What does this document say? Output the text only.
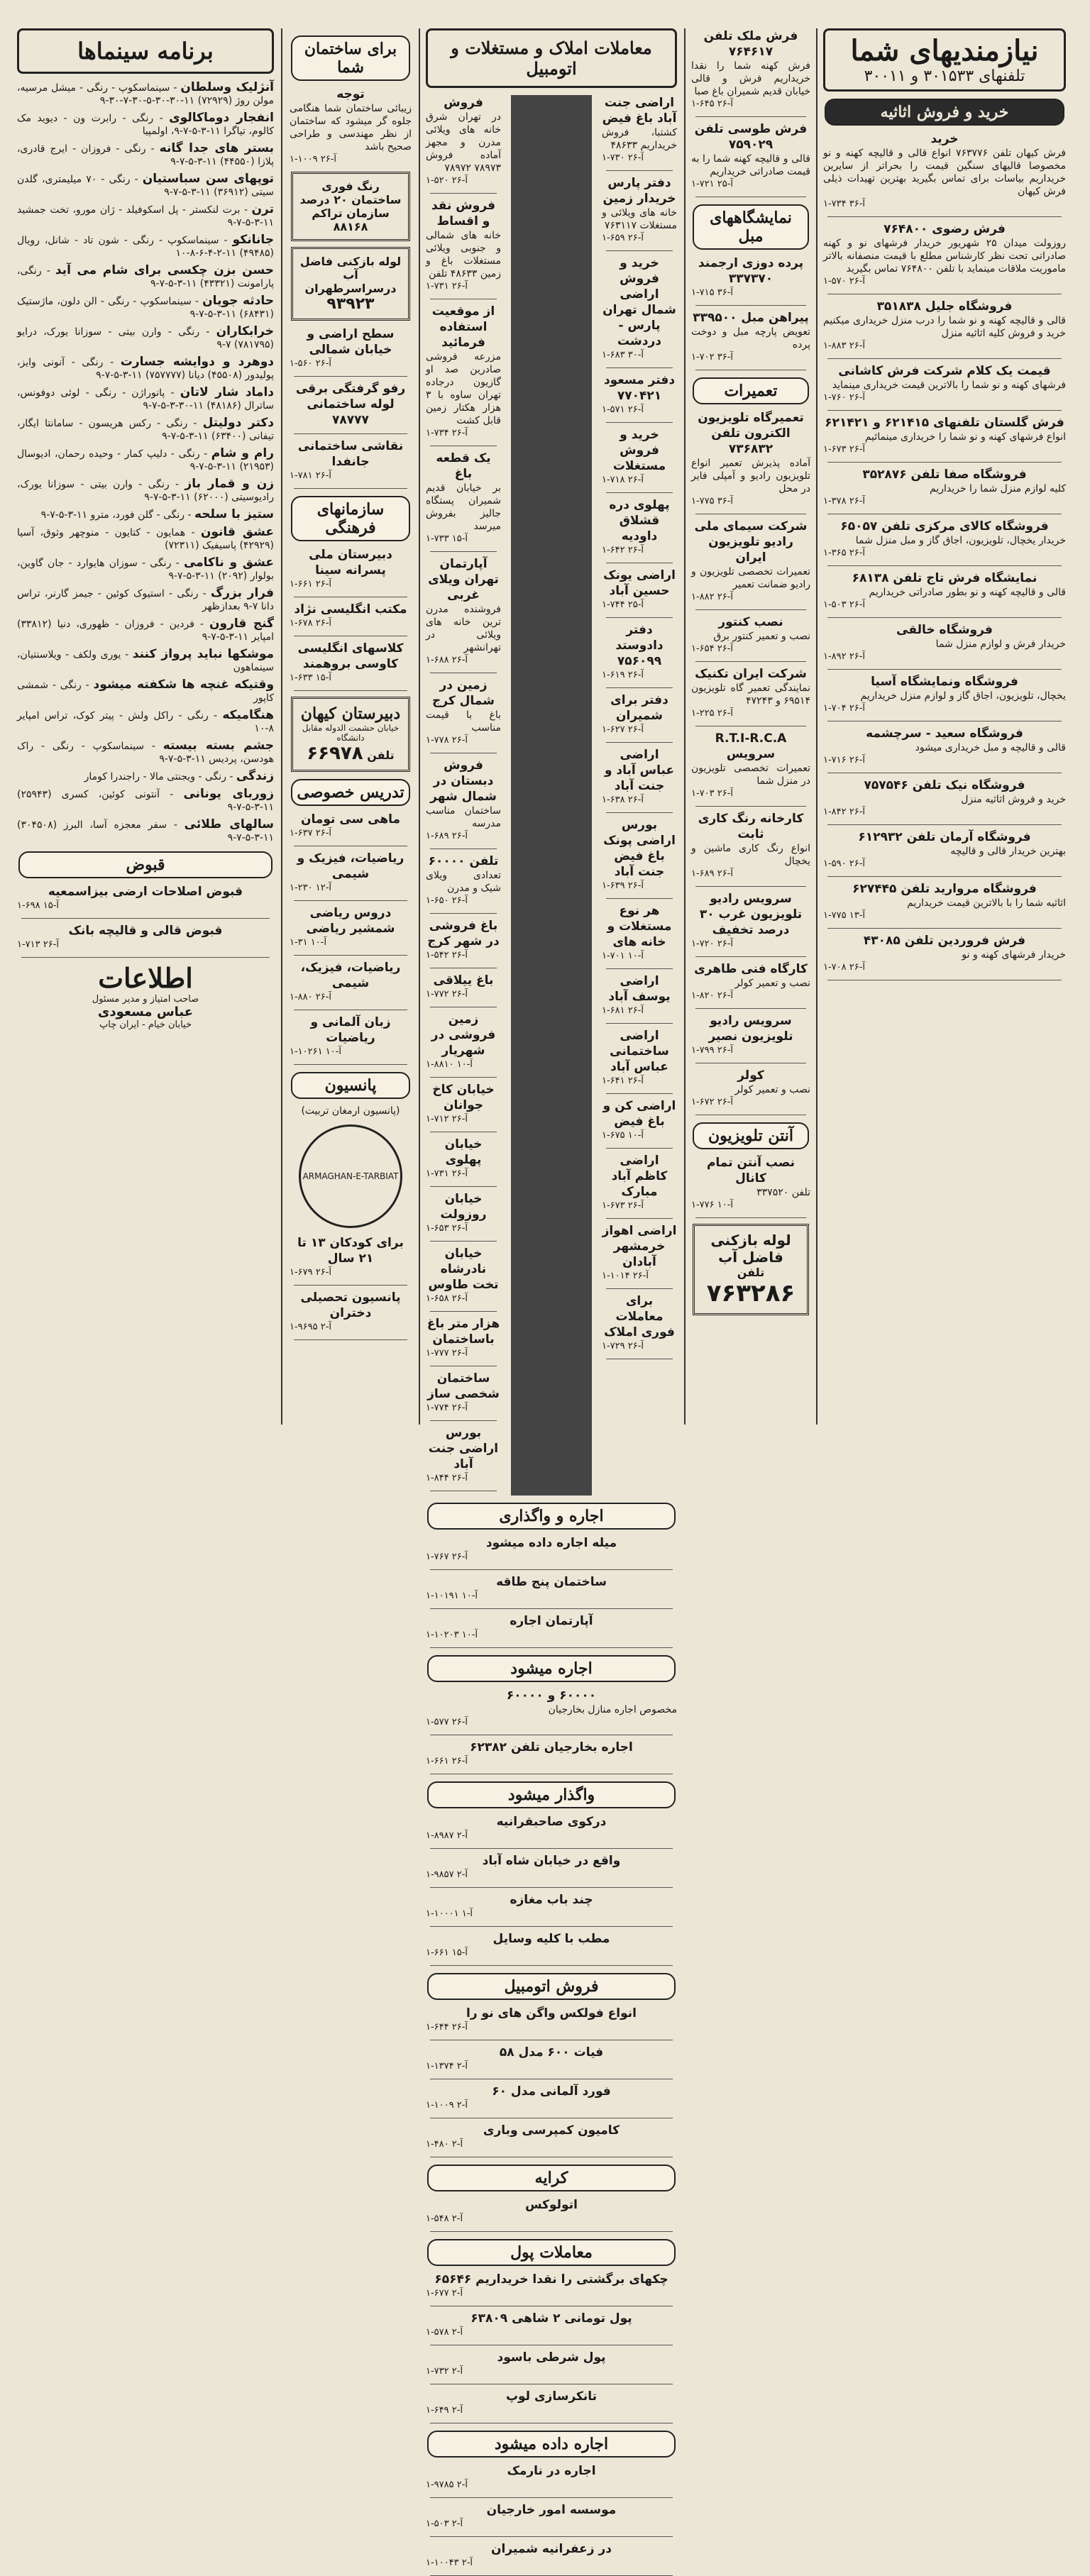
نیازمندیهای شما
تلفنهای ۳۰۱۵۳۳ و ۳۰۰۱۱
خرید و فروش اثاثیه
خرید
فرش کیهان تلفن ۷۶۳۷۷۶ انواع قالی و قالیچه کهنه و نو مخصوصا قالیهای سنگین قیمت را بحراتر از سایرین خریداریم بیاسات برای تماس بگیرید بهترین تهیدات ذیلی فرش کیهان
۱-۷۳۴ آ-۳۶
فرش رضوی ۷۶۴۸۰۰
روزولت میدان ۲۵ شهریور خریدار فرشهای نو و کهنه صادراتی تحت نظر کارشناس مطلع با قیمت منصفانه بالاتر ماموریت ملاقات مینماید با تلفن ۷۶۴۸۰۰ تماس بگیرید
۱-۵۷۰ آ-۲۶
فروشگاه جلیل ۳۵۱۸۳۸
قالی و قالیچه کهنه و نو شما را درب منزل خریداری میکنیم خرید و فروش کلیه اثاثیه منزل
۱-۸۸۳ آ-۲۶
قیمت یک کلام شرکت فرش کاشانی
فرشهای کهنه و نو شما را بالاترین قیمت خریداری مینماید
۱-۷۶۰ آ-۲۶
فرش گلستان تلفنهای ۶۲۱۴۱۵ و ۶۲۱۴۲۱
انواع فرشهای کهنه و نو شما را خریداری مینمائیم
۱-۶۷۳ آ-۲۶
فروشگاه صفا تلفن ۳۵۲۸۷۶
کلیه لوازم منزل شما را خریداریم
۱-۳۷۸ آ-۲۶
فروشگاه کالای مرکزی تلفن ۶۵۰۵۷
خریدار یخچال، تلویزیون، اجاق گاز و مبل منزل شما
۱-۳۶۵ آ-۲۶
نمایشگاه فرش تاج تلفن ۶۸۱۳۸
قالی و قالیچه کهنه و نو بطور صادراتی خریداریم
۱-۵۰۳ آ-۲۶
فروشگاه خالقی
خریدار فرش و لوازم منزل شما
۱-۸۹۲ آ-۲۶
فروشگاه ونمایشگاه آسیا
یخچال، تلویزیون، اجاق گاز و لوازم منزل خریداریم
۱-۷۰۴ آ-۲۶
فروشگاه سعید - سرچشمه
قالی و قالیچه و مبل خریداری میشود
۱-۷۱۶ آ-۲۶
فروشگاه نیک تلفن ۷۵۷۵۴۶
خرید و فروش اثاثیه منزل
۱-۸۴۲ آ-۲۶
فروشگاه آرمان تلفن ۶۱۲۹۳۲
بهترین خریدار قالی و قالیچه
۱-۵۹۰ آ-۲۶
فروشگاه مروارید تلفن ۶۲۷۴۴۵
اثاثیه شما را با بالاترین قیمت خریداریم
۱-۷۷۵ آ-۱۳
فرش فروردین تلفن ۴۳۰۸۵
خریدار فرشهای کهنه و نو
۱-۷۰۸ آ-۲۶
فرش ملک تلفن ۷۶۴۶۱۷
فرش کهنه شما را نقدا خریداریم فرش و قالی خیابان قدیم شمیران باغ صبا
۱-۶۴۵ آ-۲۶
فرش طوسی تلفن ۷۵۹۰۲۹
قالی و قالیچه کهنه شما را به قیمت صادراتی خریداریم
۱-۷۲۱ آ-۲۵
نمایشگاههای مبل
پرده دوزی ارجمند ۳۳۷۳۷۰
۱-۷۱۵ آ-۳۶
پیراهن مبل ۳۳۹۵۰۰
تعویض پارچه مبل و دوخت پرده
۱-۷۰۲ آ-۳۶
تعمیرات
تعمیرگاه تلویزیون الکترون تلفن ۷۳۶۸۳۲
آماده پذیرش تعمیر انواع تلویزیون رادیو و آمپلی فایر در محل
۱-۷۷۵ آ-۳۶
شرکت سیمای ملی رادیو تلویزیون ایران
تعمیرات تخصصی تلویزیون و رادیو ضمانت تعمیر
۱-۸۸۲ آ-۲۶
نصب کنتور
نصب و تعمیر کنتور برق
۱-۶۵۴ آ-۲۶
شرکت ایران تکنیک
نمایندگی تعمیر گاه تلویزیون ۶۹۵۱۴ و ۴۷۲۴۳
۱-۲۲۵ آ-۲۶
R.T.I-R.C.A سرویس
تعمیرات تخصصی تلویزیون در منزل شما
۱-۷۰۳ آ-۲۶
کارخانه رنگ کاری ثابت
انواع رنگ کاری ماشین و یخچال
۱-۶۸۹ آ-۲۶
سرویس رادیو تلویزیون غرب ۳۰ درصد تخفیف
۱-۷۲۰ آ-۲۶
کارگاه فنی طاهری
نصب و تعمیر کولر
۱-۸۲۰ آ-۲۶
سرویس رادیو تلویزیون نصیر
۱-۷۹۹ آ-۲۶
کولر
نصب و تعمیر کولر
۱-۶۷۲ آ-۲۶
آنتن تلویزیون
نصب آنتن تمام کانال
تلفن ۳۳۷۵۲۰
۱-۷۷۶ آ-۱۰
لوله بازکنی فاضل آب
تلفن ۷۶۳۲۸۶
معاملات املاک و مستغلات و اتومبیل
اراضی جنت آباد باغ فیض
کشتبا، فروش خریداریم ۴۸۶۳۳
۱-۷۳۰ آ-۲۶
دفتر پارس خریدار زمین
خانه های ویلائی و مستغلات ۷۶۳۱۱۷
۱-۶۵۹ آ-۲۶
خرید و فروش اراضی شمال تهران پارس - دردشت
۱-۶۸۳ آ-۳۰
دفتر مسعود ۷۷۰۴۲۱
۱-۵۷۱ آ-۲۶
خرید و فروش مستغلات
۱-۷۱۸ آ-۲۶
پهلوی دره قشلاق داودیه
۱-۶۴۲ آ-۲۶
اراضی یونک حسین آباد
۱-۷۴۴ آ-۲۵
دفتر دادوستد ۷۵۶۰۹۹
۱-۶۱۹ آ-۲۶
دفتر برای شمیران
۱-۶۲۷ آ-۲۶
اراضی عباس آباد و جنت آباد
۱-۶۳۸ آ-۲۶
بورس اراضی پونک باغ فیض جنت آباد
۱-۶۳۹ آ-۲۶
هر نوع مستغلات و خانه های
۱-۷۰۱ آ-۱۰
اراضی یوسف آباد
۱-۶۸۱ آ-۲۶
اراضی ساختمانی عباس آباد
۱-۶۴۱ آ-۲۶
اراضی کن و باغ فیض
۱-۶۷۵ آ-۱۰
اراضی کاظم آباد مبارک
۱-۶۷۳ آ-۲۶
اراضی اهواز خرمشهر آبادان
۱-۱۰۱۴ آ-۲۶
برای معاملات فوری املاک
۱-۷۲۹ آ-۲۶
فروش
در تهران شرق خانه های ویلائی مدرن و مجهز آماده فروش ۷۸۹۷۳ ۷۸۹۷۲
۱-۵۲۰ آ-۲۶
فروش نقد و اقساط
خانه های شمالی و جنوبی ویلائی مستغلات باغ و زمین ۴۸۶۳۳ تلفن
۱-۷۳۱ آ-۲۶
از موقعیت استفاده فرمائید
مزرعه فروشی صادرین صد او گازیون درجاده تهران ساوه با ۳ هزار هکتار زمین قابل کشت
۱-۷۳۴ آ-۲۶
یک قطعه باغ
بر خیابان قدیم شمیران پستگاه جالیز بفروش میرسد
۱-۷۳۳ آ-۱۵
آپارتمان تهران ویلای غربی
فروشنده مدرن ترین خانه های ویلائی در تهرانشهر
۱-۶۸۸ آ-۲۶
زمین در شمال کرج
باغ با قیمت مناسب
۱-۷۷۸ آ-۲۶
فروش دبستان در شمال شهر
ساختمان مناسب مدرسه
۱-۶۸۹ آ-۲۶
تلفن ۶۰۰۰۰
تعدادی ویلای شیک و مدرن
۱-۶۵۰ آ-۲۶
باغ فروشی در شهر کرج
۱-۵۴۲ آ-۲۶
باغ ییلاقی
۱-۷۷۲ آ-۲۶
زمین فروشی در شهریار
۱-۸۸۱۰ آ-۱۰
خیابان کاخ جوانان
۱-۷۱۲ آ-۲۶
خیابان پهلوی
۱-۷۳۱ آ-۲۶
خیابان روزولت
۱-۶۵۳ آ-۲۶
خیابان نادرشاه تخت طاوس
۱-۶۵۸ آ-۲۶
هزار متر باغ باساختمان
۱-۷۷۷ آ-۲۶
ساختمان شخصی ساز
۱-۷۷۴ آ-۲۶
بورس اراضی جنت آباد
۱-۸۴۴ آ-۲۶
اجاره و واگذاری
میله اجاره داده میشود
۱-۷۶۷ آ-۲۶
ساختمان پنج طاقه
۱-۱۰۱۹۱ آ-۱۰
آپارتمان اجاره
۱-۱۰۲۰۳ آ-۱۰
اجاره میشود
۶۰۰۰۰ و ۶۰۰۰۰
مخصوص اجاره منازل بخارجیان
۱-۵۷۷ آ-۲۶
اجاره بخارجیان تلفن ۶۲۳۸۲
۱-۶۶۱ آ-۲۶
واگذار میشود
درکوی صاحبقرانیه
۱-۸۹۸۷ آ-۲
واقع در خیابان شاه آباد
۱-۹۸۵۷ آ-۲
چند باب مغازه
۱-۱۰۰۰۱ آ-۱
مطب با کلیه وسایل
۱-۶۶۱ آ-۱۵
فروش اتومبیل
انواع فولکس واگن های نو را
۱-۶۴۴ آ-۲۶
فیات ۶۰۰ مدل ۵۸
۱-۱۳۷۴ آ-۲
فورد آلمانی مدل ۶۰
۱-۱۰۰۹ آ-۲
کامیون کمپرسی وباری
۱-۴۸۰ آ-۲
کرایه
اتولوکس
۱-۵۴۸ آ-۲
معاملات پول
چکهای برگشتی را نقدا خریداریم ۶۵۶۴۶
۱-۶۷۷ آ-۲
پول تومانی ۲ شاهی ۶۳۸۰۹
۱-۵۷۸ آ-۲
پول شرطی باسود
۱-۷۳۲ آ-۲
تانکرسازی لوپ
۱-۶۴۹ آ-۲
اجاره داده میشود
اجاره در نارمک
۱-۹۷۸۵ آ-۲
موسسه امور خارجیان
۱-۵۰۳ آ-۲
در زعفرانیه شمیران
۱-۱۰۰۴۳ آ-۲
برای ساختمان شما
توجه
زیبائی ساختمان شما هنگامی جلوه گر میشود که ساختمان از نظر مهندسی و طراحی صحیح باشد
۱-۱۰۰۹ آ-۲۶
رنگ فوری ساختمان ۲۰ درصد سازمان تراکم ۸۸۱۶۸
لوله بازکنی فاضل آب درسراسرطهران
۹۳۹۲۳
سطح اراضی و خیابان شمالی
۱-۵۶۰ آ-۲۶
رفو گرفتگی برقی لوله ساختمانی ۷۸۷۷۷
نقاشی ساختمانی جانفدا
۱-۷۸۱ آ-۲۶
سازمانهای فرهنگی
دبیرستان ملی پسرانه سینا
۱-۶۶۱ آ-۲۶
مکتب انگلیسی نژاد
۱-۶۷۸ آ-۲۶
کلاسهای انگلیسی کاوسی بروهمند
۱-۶۳۳ آ-۱۵
دبیرستان کیهان
خیابان حشمت الدوله مقابل دانشگاه
تلفن ۶۶۹۷۸
تدریس خصوصی
ماهی سی تومان
۱-۶۳۷ آ-۲۶
ریاضیات، فیزیک و شیمی
۱-۲۳۰ آ-۱۲
دروس ریاضی شمشیر ریاضی
۱-۳۱ آ-۱۰
ریاضیات، فیزیک، شیمی
۱-۸۸۰ آ-۲۶
زبان آلمانی و ریاضیات
۱-۱۰۲۶۱ آ-۱۰
پانسیون
(پانسیون ارمغان تربیت)
ARMAGHAN-E-TARBIAT
برای کودکان ۱۳ تا ۲۱ سال
۱-۶۷۹ آ-۲۶
پانسیون تحصیلی دختران
۱-۹۶۹۵ آ-۲
برنامه سینماها
آنژلیک وسلطان - سینماسکوپ - رنگی - میشل مرسیه، مولن روژ (۷۲۹۲۹) ۱۱-۳۰-۳۰-۵-۳۰-۷-۳۰-۹
انفجار دوماکالوی - رنگی - رابرت ون - دیوید مک کالوم، تیاگرا ۱۱-۳-۵-۷-۹، اولمپیا
بستر های جدا گانه - رنگی - فروزان - ایرج قادری، پلازا (۴۴۵۵۰) ۱۱-۳-۵-۷-۹
توپهای سن سباستیان - رنگی - ۷۰ میلیمتری، گلدن سیتی (۳۶۹۱۲) ۱۱-۳-۵-۷-۹
ترن - برت لنکستر - پل اسکوفیلد - ژان مورو، تخت جمشید ۱۱-۳-۵-۷-۹
جانانکو - سینماسکوپ - رنگی - شون تاد - شانل، رویال (۴۹۴۸۵) ۱۱-۲-۴-۶-۸-۱۰
حسن بزن چکسی برای شام می آید - رنگی، پارامونت (۴۳۳۲۱) ۱۱-۳-۵-۷-۹
حادثه جویان - سینماسکوپ - رنگی - الن دلون، ماژستیک (۶۸۴۳۱) ۱۱-۳-۵-۷-۹
خرابکاران - رنگی - وارن بیتی - سوزانا یورک، درایو (۷۸۱۷۹۵) ۷-۹
دوهرد و دوایشه جسارت - رنگی - آنونی وایز، پولیدور (۴۵۵۰۸) دیانا (۷۵۷۷۷۷) ۱۱-۳-۵-۷-۹
داماد شار لاتان - پانوراژن - رنگی - لوئی دوفونس، ساترال (۴۸۱۸۶) ۱۱-۳۰-۳-۵-۷-۹
دکتر دولیتل - رنگی - رکس هریسون - سامانتا ایگار، تیفانی (۶۳۴۰۰) ۱۱-۳-۵-۷-۹
رام و شام - رنگی - دلیپ کمار - وحیده رحمان، ادیوسال (۲۱۹۵۳) ۱۱-۳-۵-۷-۹
زن و قمار باز - رنگی - وارن بیتی - سوزانا یورک، رادیوسیتی (۶۲۰۰۰) ۱۱-۳-۵-۷-۹
ستیز با سلحه - رنگی - گلن فورد، مترو ۱۱-۳-۵-۷-۹
عشق قانون - همایون - کتایون - منوچهر وثوق، آسیا (۴۲۹۲۹) پاسیفیک (۷۲۳۱۱)
عشق و ناکامی - رنگی - سوزان هایوارد - جان گاوین، بولوار (۲۰۹۲) ۱۱-۳-۵-۷-۹
فرار بزرگ - رنگی - استیوک کوئین - جیمز گارنر، تراس دانا ۷-۹ بعدازظهر
گنج قارون - فردین - فروزان - ظهوری، دنیا (۳۳۸۱۲) امپایر ۱۱-۳-۵-۷-۹
موشکها نباید پرواز کنند - یوری ولکف - ویلاسنتیان، سینماهون
وقتیکه غنچه ها شکفته میشود - رنگی - شمشی کاپور
هنگامیکه - رنگی - راکل ولش - پیتر کوک، تراس امپایر ۸-۱۰
جشم بسته بیسته - سینماسکوپ - رنگی - راک هودسن، پردیس ۱۱-۳-۵-۷-۹
زندگی - رنگی - ویجنتی مالا - راجندرا کومار
زوربای یونانی - آنتونی کوئین، کسری (۲۵۹۴۳) ۱۱-۳-۵-۷-۹
سالهای طلائی - سفر معجزه آسا، البرز (۳۰۴۵۰۸) ۱۱-۳-۵-۷-۹
قبوض
قبوض اصلاحات ارضی بیزاسمعیه
۱-۶۹۸ آ-۱۵
قبوض قالی و قالیچه بانک
۱-۷۱۳ آ-۲۶
اطلاعات
صاحب امتیاز و مدیر مسئول
عباس مسعودی
خیابان خیام - ایران چاپ
